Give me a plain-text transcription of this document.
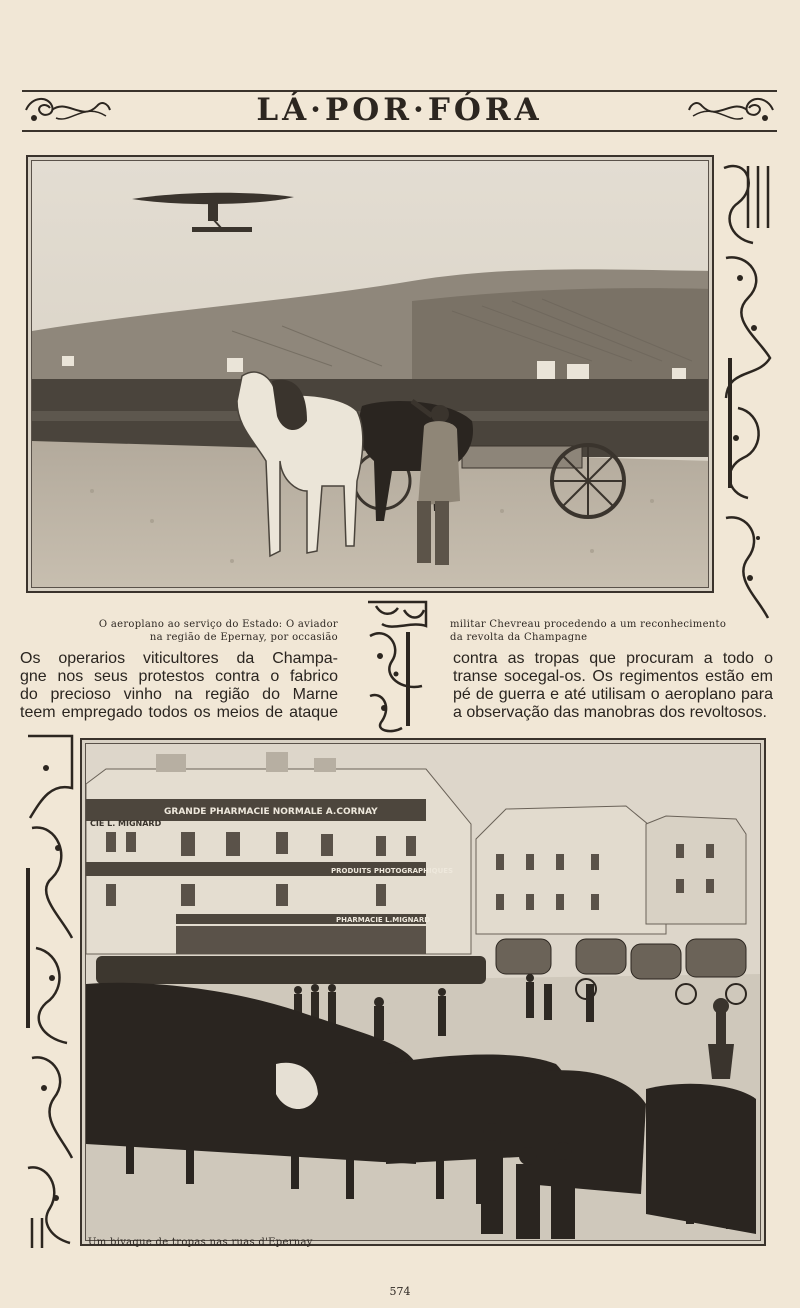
LÁ·POR·FÓRA
O aeroplano ao serviço do Estado: O aviador
na região de Epernay, por occasião
militar Chevreau procedendo a um reconhecimento
da revolta da Champagne
Os operarios viticultores da Champa-
gne nos seus protestos contra o fabrico
do precioso vinho na região do Marne
teem empregado todos os meios de ataque
contra as tropas que procuram a todo o
transe socegal-os. Os regimentos estão em
pé de guerra e até utilisam o aeroplano para
a observação das manobras dos revoltosos.
GRANDE PHARMACIE NORMALE A.CORNAY
CIE L. MIGNARD
PRODUITS PHOTOGRAPHIQUES
PHARMACIE L.MIGNARD
Um bivaque de tropas nas ruas d'Epernay
574
